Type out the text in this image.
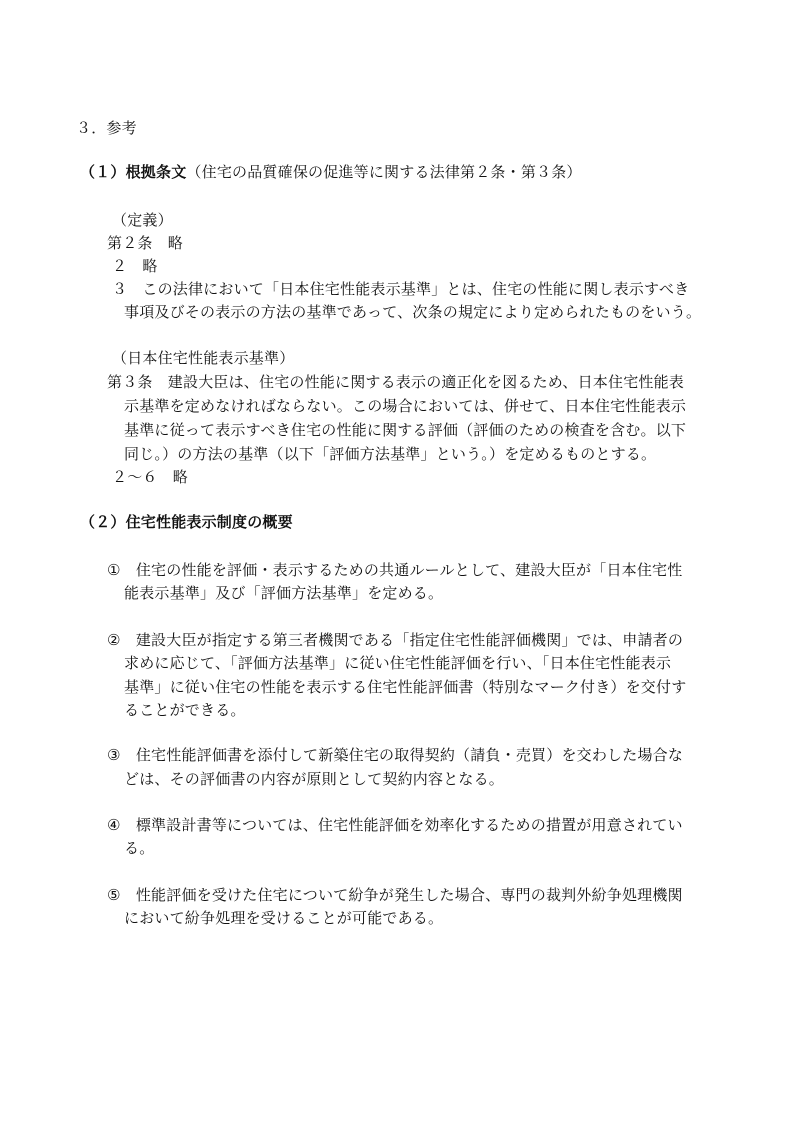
３．参考
（１）根拠条文（住宅の品質確保の促進等に関する法律第２条・第３条）
（定義）
第２条　略
２　略
３　この法律において「日本住宅性能表示基準」とは、住宅の性能に関し表示すべき
事項及びその表示の方法の基準であって、次条の規定により定められたものをいう。
（日本住宅性能表示基準）
第３条　建設大臣は、住宅の性能に関する表示の適正化を図るため、日本住宅性能表
示基準を定めなければならない。この場合においては、併せて、日本住宅性能表示
基準に従って表示すべき住宅の性能に関する評価（評価のための検査を含む。以下
同じ。）の方法の基準（以下「評価方法基準」という。）を定めるものとする。
２～６　略
（２）住宅性能表示制度の概要
①　住宅の性能を評価・表示するための共通ルールとして、建設大臣が「日本住宅性
能表示基準」及び「評価方法基準」を定める。
②　建設大臣が指定する第三者機関である「指定住宅性能評価機関」では、申請者の
求めに応じて、「評価方法基準」に従い住宅性能評価を行い、「日本住宅性能表示
基準」に従い住宅の性能を表示する住宅性能評価書（特別なマーク付き）を交付す
ることができる。
③　住宅性能評価書を添付して新築住宅の取得契約（請負・売買）を交わした場合な
どは、その評価書の内容が原則として契約内容となる。
④　標準設計書等については、住宅性能評価を効率化するための措置が用意されてい
る。
⑤　性能評価を受けた住宅について紛争が発生した場合、専門の裁判外紛争処理機関
において紛争処理を受けることが可能である。
